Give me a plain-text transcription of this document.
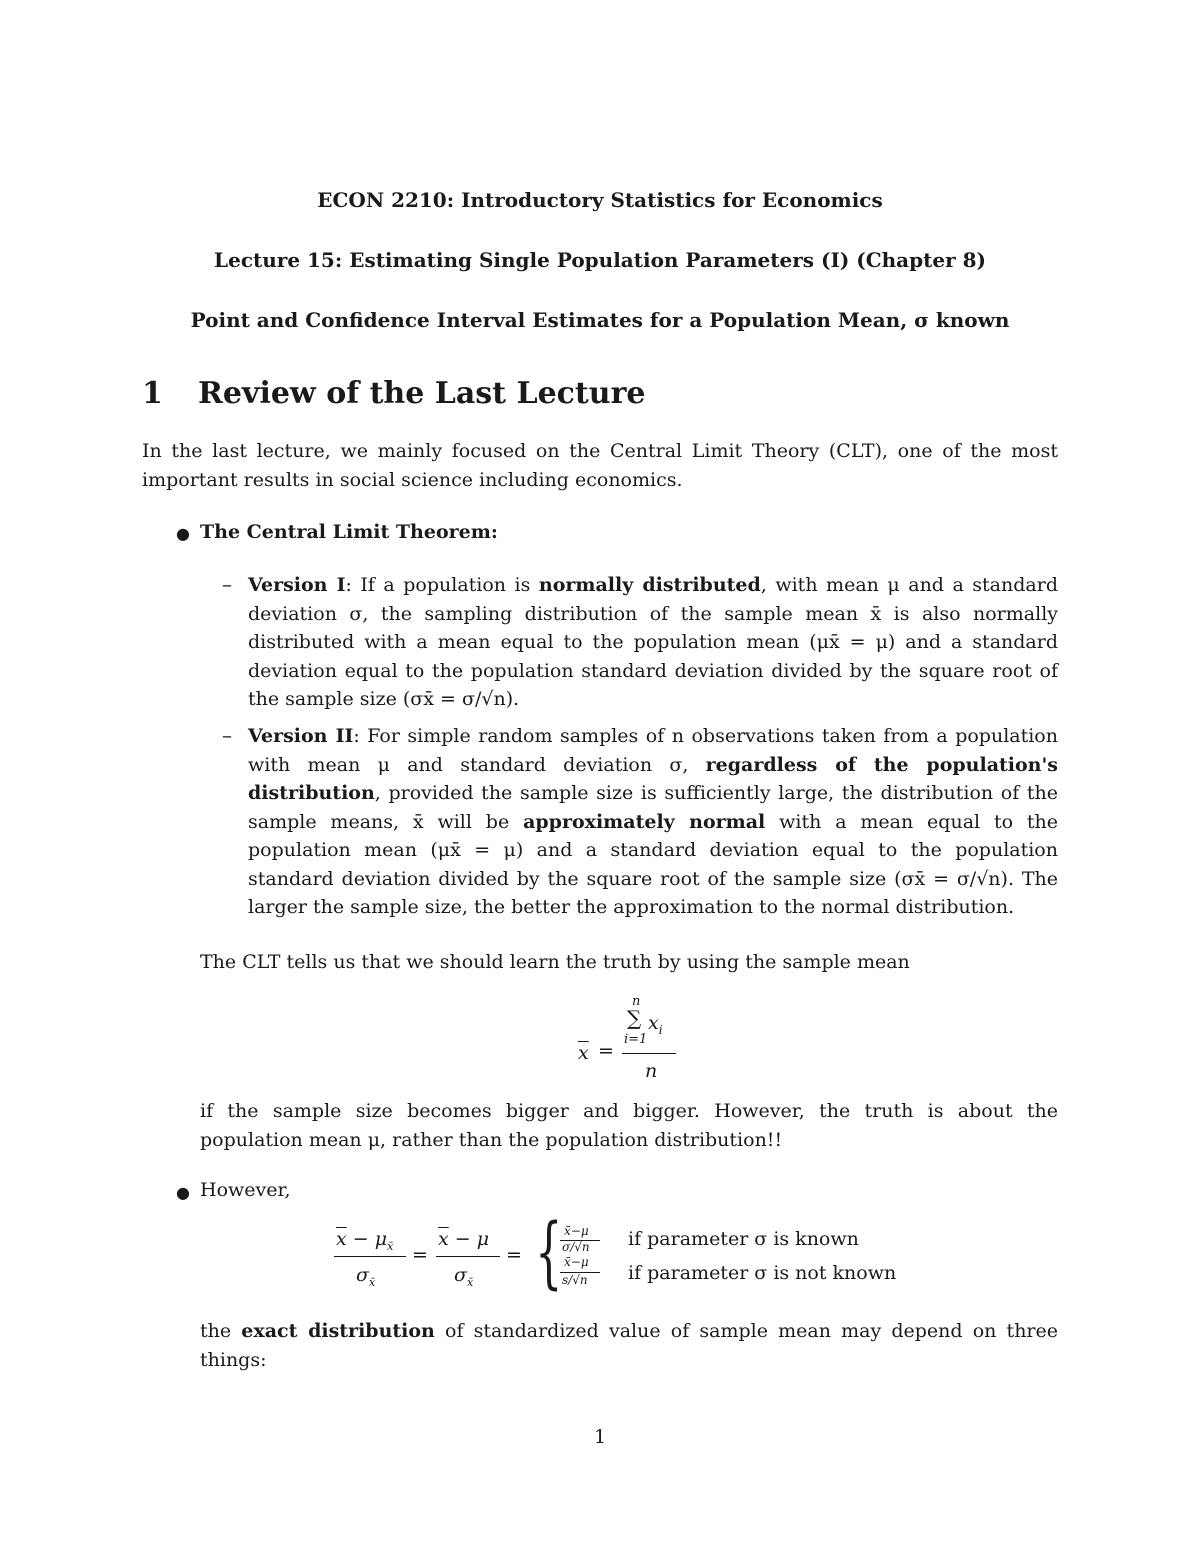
ECON 2210: Introductory Statistics for Economics
Lecture 15: Estimating Single Population Parameters (I) (Chapter 8)
Point and Confidence Interval Estimates for a Population Mean, σ known
1 Review of the Last Lecture
In the last lecture, we mainly focused on the Central Limit Theory (CLT), one of the most important results in social science including economics.
● The Central Limit Theorem:
– Version I: If a population is normally distributed, with mean μ and a standard deviation σ, the sampling distribution of the sample mean x̄ is also normally distributed with a mean equal to the population mean (μx̄ = μ) and a standard deviation equal to the population standard deviation divided by the square root of the sample size (σx̄ = σ/√n).
– Version II: For simple random samples of n observations taken from a population with mean μ and standard deviation σ, regardless of the population's distribution, provided the sample size is sufficiently large, the distribution of the sample means, x̄ will be approximately normal with a mean equal to the population mean (μx̄ = μ) and a standard deviation equal to the population standard deviation divided by the square root of the sample size (σx̄ = σ/√n). The larger the sample size, the better the approximation to the normal distribution.
The CLT tells us that we should learn the truth by using the sample mean
$\overline{x}$ =
n
∑ $x_i$
i=1
n
if the sample size becomes bigger and bigger. However, the truth is about the population mean μ, rather than the population distribution!!
● However,
$\overline{x} - \mu_{x̄}$
$\sigma_{x̄}$
=
$\overline{x} - \mu$
$\sigma_{x̄}$
= { x̄−μ
σ/√n
x̄−μ
s/√n
if parameter σ is known
if parameter σ is not known
the exact distribution of standardized value of sample mean may depend on three things:
1
